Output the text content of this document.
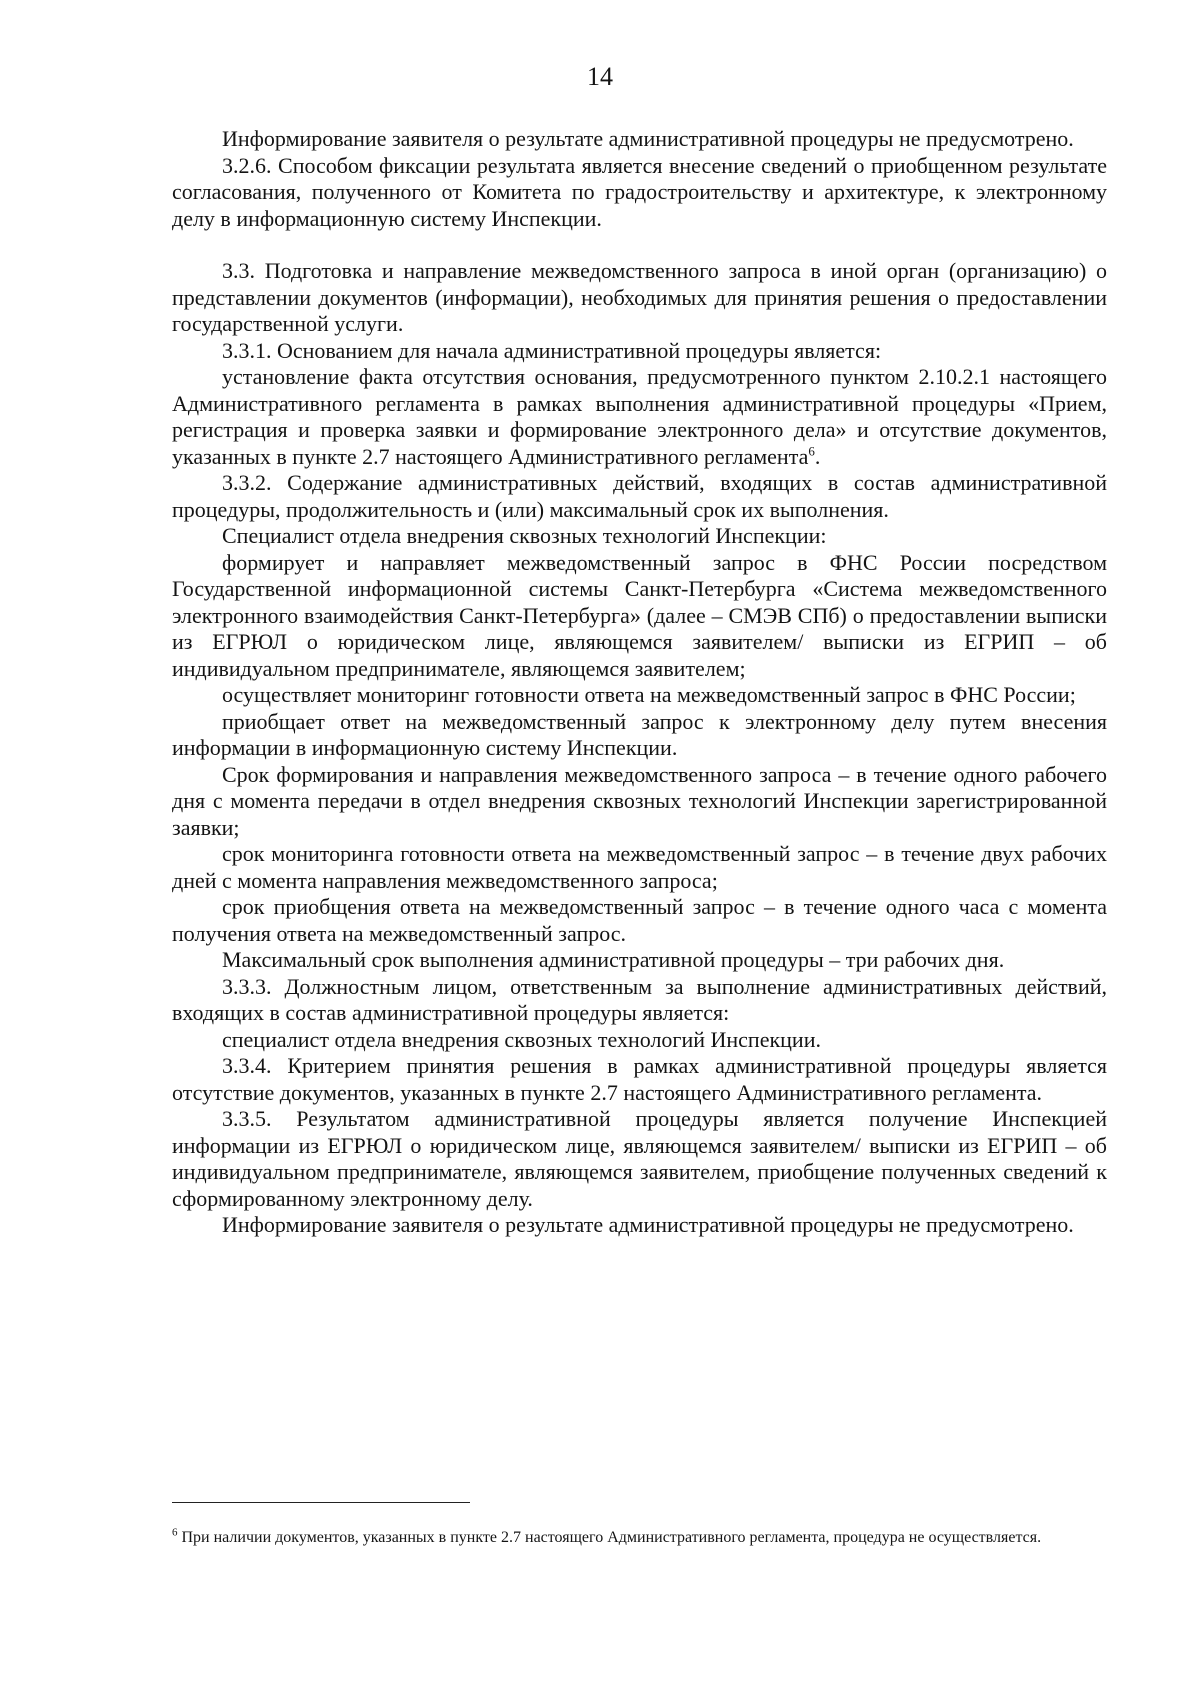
14

Информирование заявителя о результате административной процедуры не предусмотрено.

3.2.6. Способом фиксации результата является внесение сведений о приобщенном результате согласования, полученного от Комитета по градостроительству и архитектуре, к электронному делу в информационную систему Инспекции.

3.3. Подготовка и направление межведомственного запроса в иной орган (организацию) о представлении документов (информации), необходимых для принятия решения о предоставлении государственной услуги.

3.3.1. Основанием для начала административной процедуры является:

установление факта отсутствия основания, предусмотренного пунктом 2.10.2.1 настоящего Административного регламента в рамках выполнения административной процедуры «Прием, регистрация и проверка заявки и формирование электронного дела» и отсутствие документов, указанных в пункте 2.7 настоящего Административного регламента$^6$.

3.3.2. Содержание административных действий, входящих в состав административной процедуры, продолжительность и (или) максимальный срок их выполнения.

Специалист отдела внедрения сквозных технологий Инспекции:

формирует и направляет межведомственный запрос в ФНС России посредством Государственной информационной системы Санкт-Петербурга «Система межведомственного электронного взаимодействия Санкт-Петербурга» (далее – СМЭВ СПб) о предоставлении выписки из ЕГРЮЛ о юридическом лице, являющемся заявителем/ выписки из ЕГРИП – об индивидуальном предпринимателе, являющемся заявителем;

осуществляет мониторинг готовности ответа на межведомственный запрос в ФНС России;

приобщает ответ на межведомственный запрос к электронному делу путем внесения информации в информационную систему Инспекции.

Срок формирования и направления межведомственного запроса – в течение одного рабочего дня с момента передачи в отдел внедрения сквозных технологий Инспекции зарегистрированной заявки;

срок мониторинга готовности ответа на межведомственный запрос – в течение двух рабочих дней с момента направления межведомственного запроса;

срок приобщения ответа на межведомственный запрос – в течение одного часа с момента получения ответа на межведомственный запрос.

Максимальный срок выполнения административной процедуры – три рабочих дня.

3.3.3. Должностным лицом, ответственным за выполнение административных действий, входящих в состав административной процедуры является:

специалист отдела внедрения сквозных технологий Инспекции.

3.3.4. Критерием принятия решения в рамках административной процедуры является отсутствие документов, указанных в пункте 2.7 настоящего Административного регламента.

3.3.5. Результатом административной процедуры является получение Инспекцией информации из ЕГРЮЛ о юридическом лице, являющемся заявителем/ выписки из ЕГРИП – об индивидуальном предпринимателе, являющемся заявителем, приобщение полученных сведений к сформированному электронному делу.

Информирование заявителя о результате административной процедуры не предусмотрено.

$^6$ При наличии документов, указанных в пункте 2.7 настоящего Административного регламента, процедура не осуществляется.
